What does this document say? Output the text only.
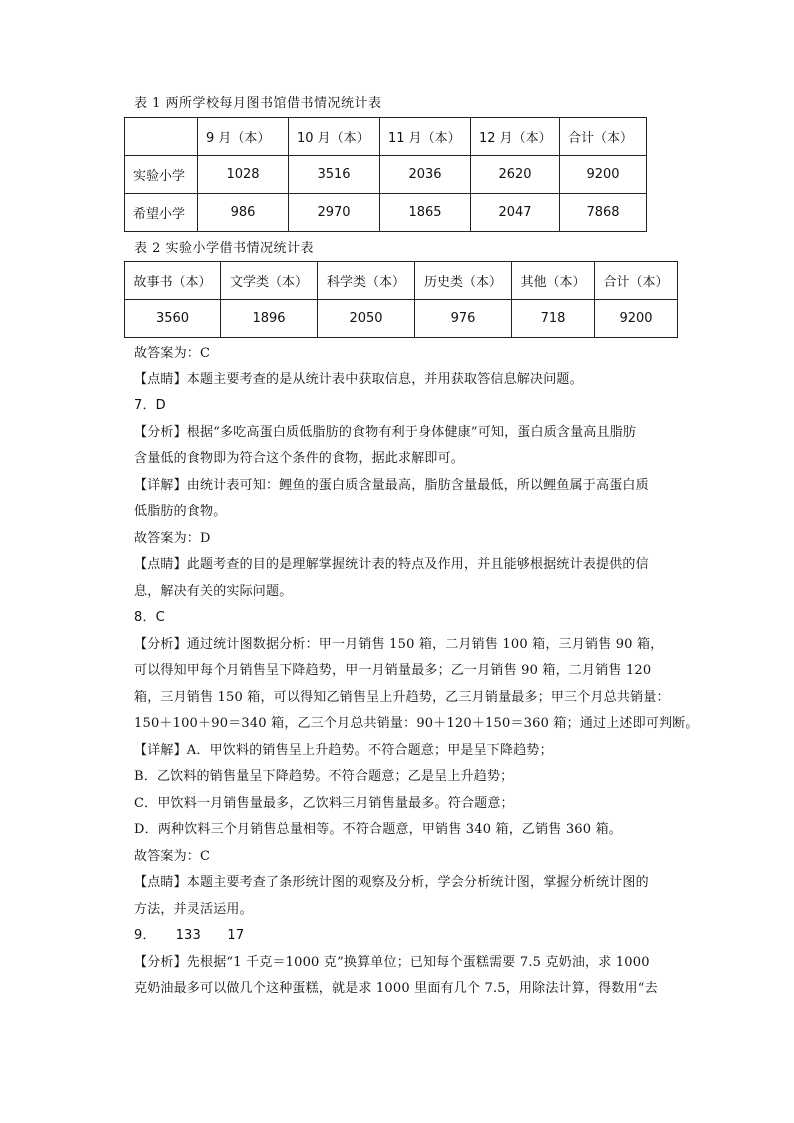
表 1 两所学校每月图书馆借书情况统计表
	9 月（本）	10 月（本）	11 月（本）	12 月（本）	合计（本）
实验小学	1028	3516	2036	2620	9200
希望小学	986	2970	1865	2047	7868
表 2 实验小学借书情况统计表
故事书（本）	文学类（本）	科学类（本）	历史类（本）	其他（本）	合计（本）
3560	1896	2050	976	718	9200
故答案为：C
【点睛】本题主要考查的是从统计表中获取信息，并用获取答信息解决问题。
7．D
【分析】根据“多吃高蛋白质低脂肪的食物有利于身体健康”可知，蛋白质含量高且脂肪
含量低的食物即为符合这个条件的食物，据此求解即可。
【详解】由统计表可知：鲤鱼的蛋白质含量最高，脂肪含量最低，所以鲤鱼属于高蛋白质
低脂肪的食物。
故答案为：D
【点睛】此题考查的目的是理解掌握统计表的特点及作用，并且能够根据统计表提供的信
息，解决有关的实际问题。
8．C
【分析】通过统计图数据分析：甲一月销售 150 箱，二月销售 100 箱，三月销售 90 箱，
可以得知甲每个月销售呈下降趋势，甲一月销量最多；乙一月销售 90 箱，二月销售 120
箱，三月销售 150 箱，可以得知乙销售呈上升趋势，乙三月销量最多；甲三个月总共销量：
150＋100＋90＝340 箱，乙三个月总共销量：90＋120＋150＝360 箱；通过上述即可判断。
【详解】A．甲饮料的销售呈上升趋势。不符合题意；甲是呈下降趋势；
B．乙饮料的销售量呈下降趋势。不符合题意；乙是呈上升趋势；
C．甲饮料一月销售量最多，乙饮料三月销售量最多。符合题意；
D．两种饮料三个月销售总量相等。不符合题意，甲销售 340 箱，乙销售 360 箱。
故答案为：C
【点睛】本题主要考查了条形统计图的观察及分析，学会分析统计图，掌握分析统计图的
方法，并灵活运用。
9．　　133　　17
【分析】先根据“1 千克＝1000 克”换算单位；已知每个蛋糕需要 7.5 克奶油，求 1000
克奶油最多可以做几个这种蛋糕，就是求 1000 里面有几个 7.5，用除法计算，得数用“去
